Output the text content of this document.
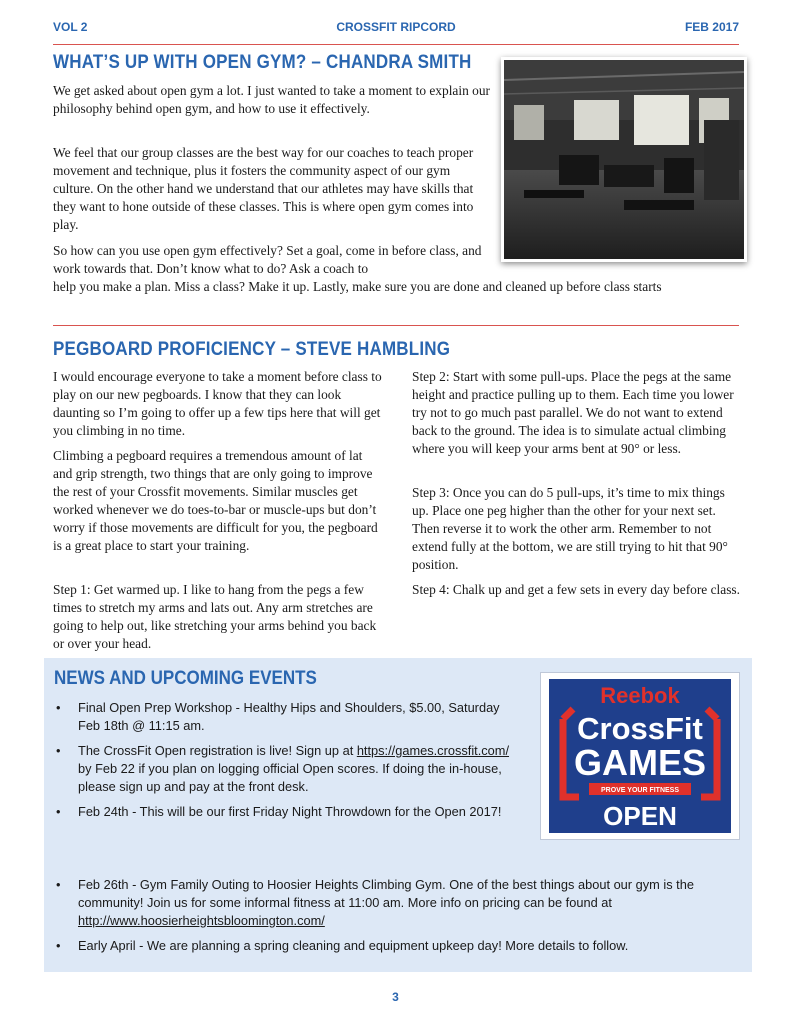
VOL 2	CROSSFIT RIPCORD	FEB 2017
WHAT’S UP WITH OPEN GYM? – CHANDRA SMITH

We get asked about open gym a lot. I just wanted to take a moment to explain our philosophy behind open gym, and how to use it effectively.

We feel that our group classes are the best way for our coaches to teach proper movement and technique, plus it fosters the community aspect of our gym culture. On the other hand we understand that our athletes may have skills that they want to hone outside of these classes. This is where open gym comes into play.

So how can you use open gym effectively? Set a goal, come in before class, and work towards that. Don’t know what to do? Ask a coach to

help you make a plan. Miss a class? Make it up. Lastly, make sure you are done and cleaned up before class starts

PEGBOARD PROFICIENCY – STEVE HAMBLING

I would encourage everyone to take a moment before class to play on our new pegboards. I know that they can look daunting so I’m going to offer up a few tips here that will get you climbing in no time.

Climbing a pegboard requires a tremendous amount of lat and grip strength, two things that are only going to improve the rest of your Crossfit movements. Similar muscles get worked whenever we do toes-to-bar or muscle-ups but don’t worry if those movements are difficult for you, the pegboard is a great place to start your training.

Step 1: Get warmed up. I like to hang from the pegs a few times to stretch my arms and lats out. Any arm stretches are going to help out, like stretching your arms behind you back or over your head.

Step 2: Start with some pull-ups. Place the pegs at the same height and practice pulling up to them. Each time you lower try not to go much past parallel. We do not want to extend back to the ground. The idea is to simulate actual climbing where you will keep your arms bent at 90° or less.

Step 3: Once you can do 5 pull-ups, it’s time to mix things up. Place one peg higher than the other for your next set. Then reverse it to work the other arm. Remember to not extend fully at the bottom, we are still trying to hit that 90° position.

Step 4: Chalk up and get a few sets in every day before class.

NEWS AND UPCOMING EVENTS
• Final Open Prep Workshop - Healthy Hips and Shoulders, $5.00, Saturday Feb 18th @ 11:15 am.
• The CrossFit Open registration is live! Sign up at https://games.crossfit.com/ by Feb 22 if you plan on logging official Open scores. If doing the in-house, please sign up and pay at the front desk.
• Feb 24th - This will be our first Friday Night Throwdown for the Open 2017!
• Feb 26th - Gym Family Outing to Hoosier Heights Climbing Gym. One of the best things about our gym is the community! Join us for some informal fitness at 11:00 am. More info on pricing can be found at http://www.hoosierheightsbloomington.com/
• Early April - We are planning a spring cleaning and equipment upkeep day! More details to follow.
Reebok
CrossFit
GAMES
PROVE YOUR FITNESS
OPEN
3
